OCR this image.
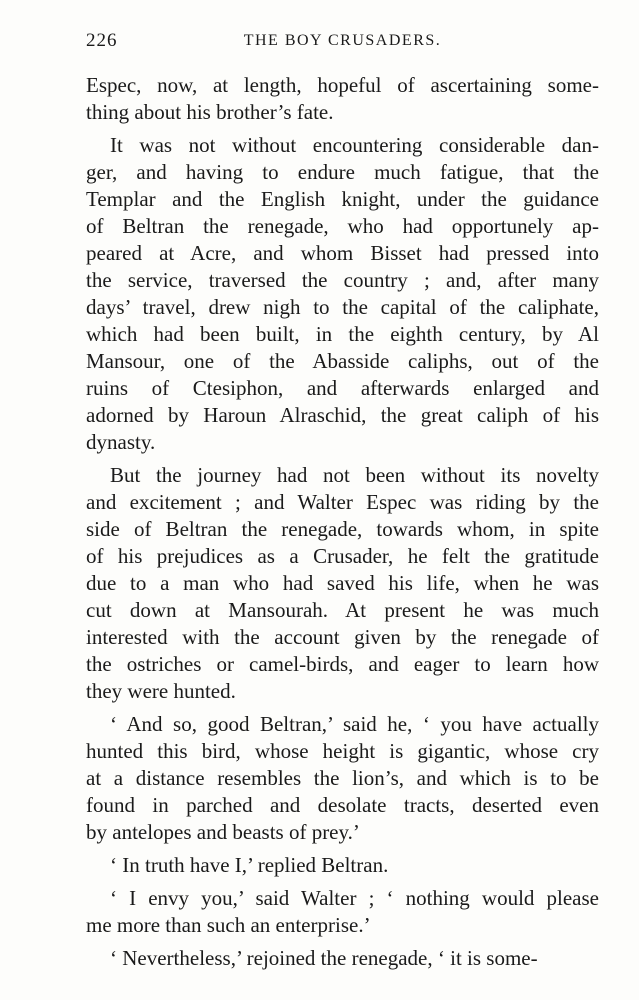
226	THE BOY CRUSADERS.
Espec, now, at length, hopeful of ascertaining some-
thing about his brother’s fate.
It was not without encountering considerable dan-
ger, and having to endure much fatigue, that the
Templar and the English knight, under the guidance
of Beltran the renegade, who had opportunely ap-
peared at Acre, and whom Bisset had pressed into
the service, traversed the country ; and, after many
days’ travel, drew nigh to the capital of the caliphate,
which had been built, in the eighth century, by Al
Mansour, one of the Abasside caliphs, out of the
ruins of Ctesiphon, and afterwards enlarged and
adorned by Haroun Alraschid, the great caliph of his
dynasty.
But the journey had not been without its novelty
and excitement ; and Walter Espec was riding by the
side of Beltran the renegade, towards whom, in spite
of his prejudices as a Crusader, he felt the gratitude
due to a man who had saved his life, when he was
cut down at Mansourah. At present he was much
interested with the account given by the renegade of
the ostriches or camel-birds, and eager to learn how
they were hunted.
‘ And so, good Beltran,’ said he, ‘ you have actually
hunted this bird, whose height is gigantic, whose cry
at a distance resembles the lion’s, and which is to be
found in parched and desolate tracts, deserted even
by antelopes and beasts of prey.’
‘ In truth have I,’ replied Beltran.
‘ I envy you,’ said Walter ; ‘ nothing would please
me more than such an enterprise.’
‘ Nevertheless,’ rejoined the renegade, ‘ it is some-
